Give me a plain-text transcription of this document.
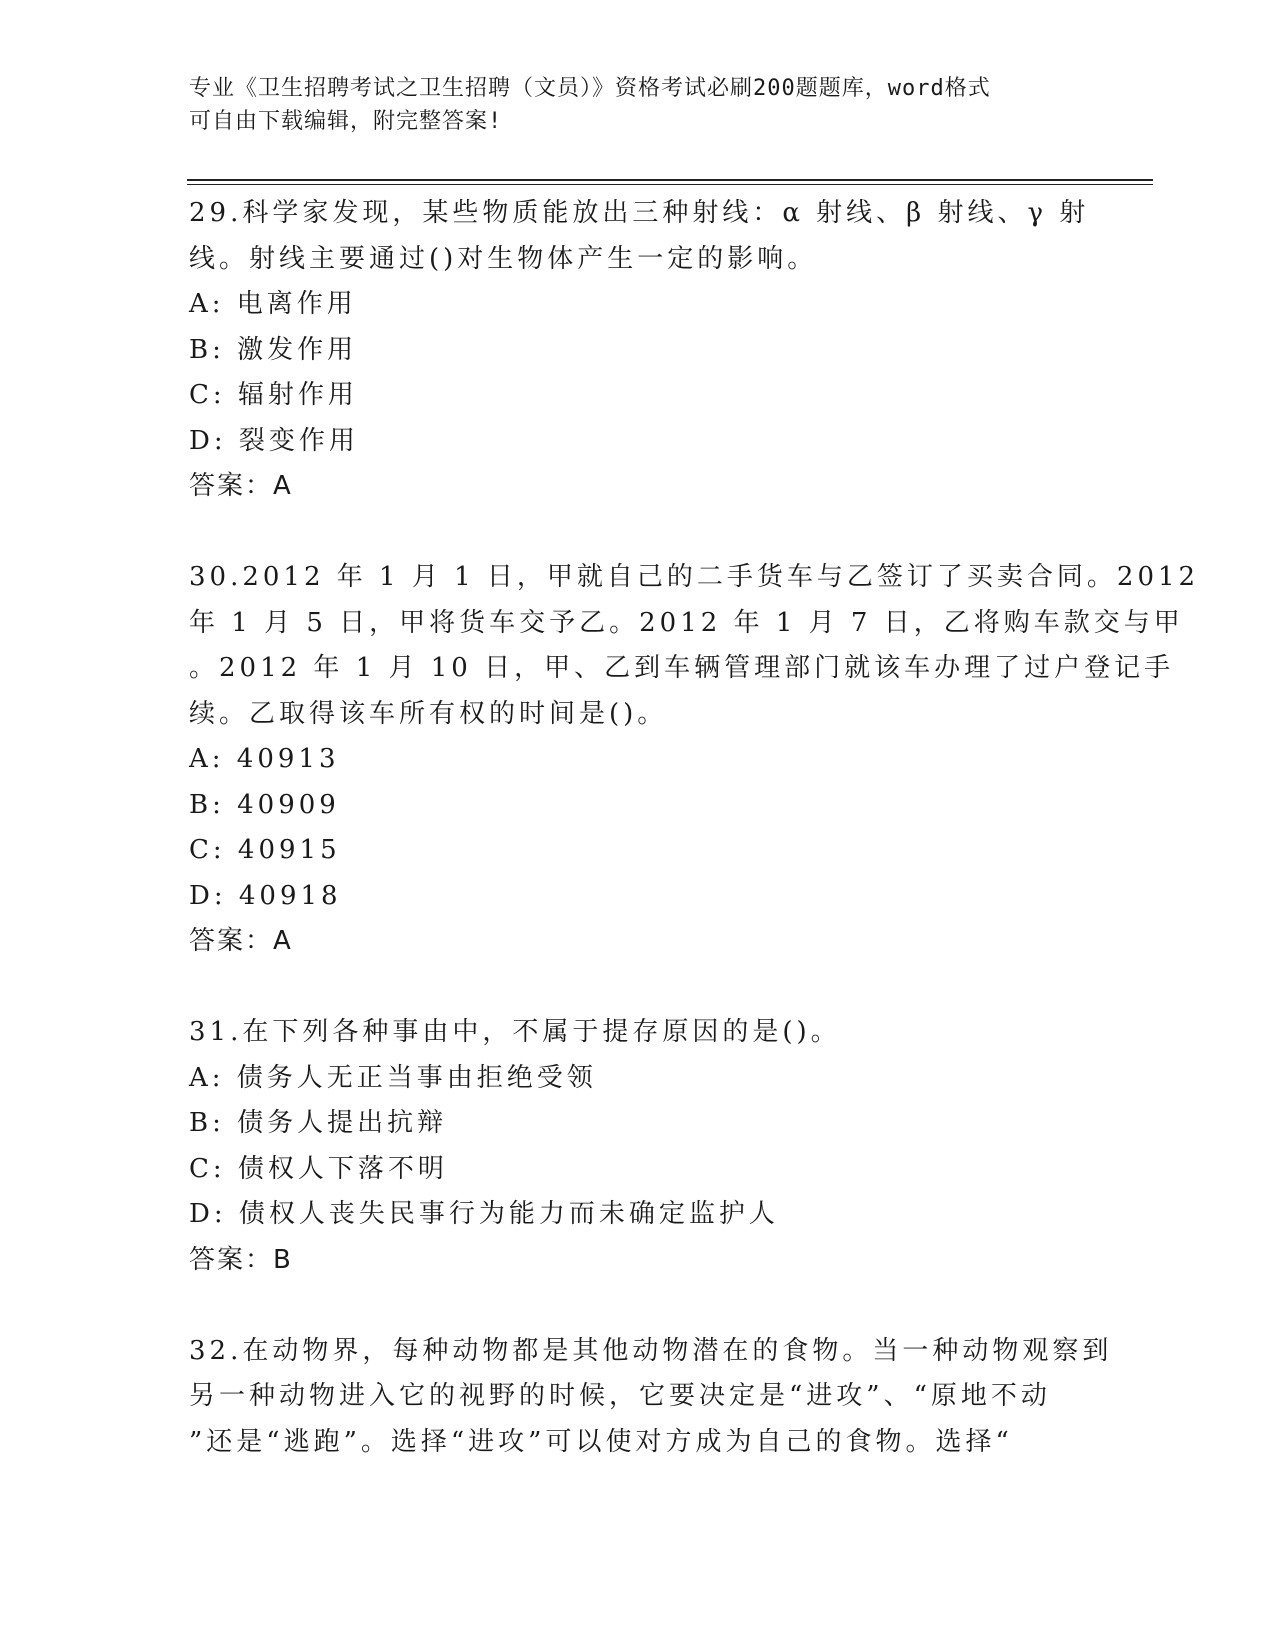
专业《卫生招聘考试之卫生招聘（文员）》资格考试必刷200题题库，word格式
可自由下载编辑，附完整答案!
29.科学家发现，某些物质能放出三种射线：α 射线、β 射线、γ 射
线。射线主要通过()对生物体产生一定的影响。
A: 电离作用
B: 激发作用
C: 辐射作用
D: 裂变作用
答案：A
30.2012 年 1 月 1 日，甲就自己的二手货车与乙签订了买卖合同。2012
年 1 月 5 日，甲将货车交予乙。2012 年 1 月 7 日，乙将购车款交与甲
。2012 年 1 月 10 日，甲、乙到车辆管理部门就该车办理了过户登记手
续。乙取得该车所有权的时间是()。
A: 40913
B: 40909
C: 40915
D: 40918
答案：A
31.在下列各种事由中，不属于提存原因的是()。
A: 债务人无正当事由拒绝受领
B: 债务人提出抗辩
C: 债权人下落不明
D: 债权人丧失民事行为能力而未确定监护人
答案：B
32.在动物界，每种动物都是其他动物潜在的食物。当一种动物观察到
另一种动物进入它的视野的时候，它要决定是“进攻”、“原地不动
”还是“逃跑”。选择“进攻”可以使对方成为自己的食物。选择“
